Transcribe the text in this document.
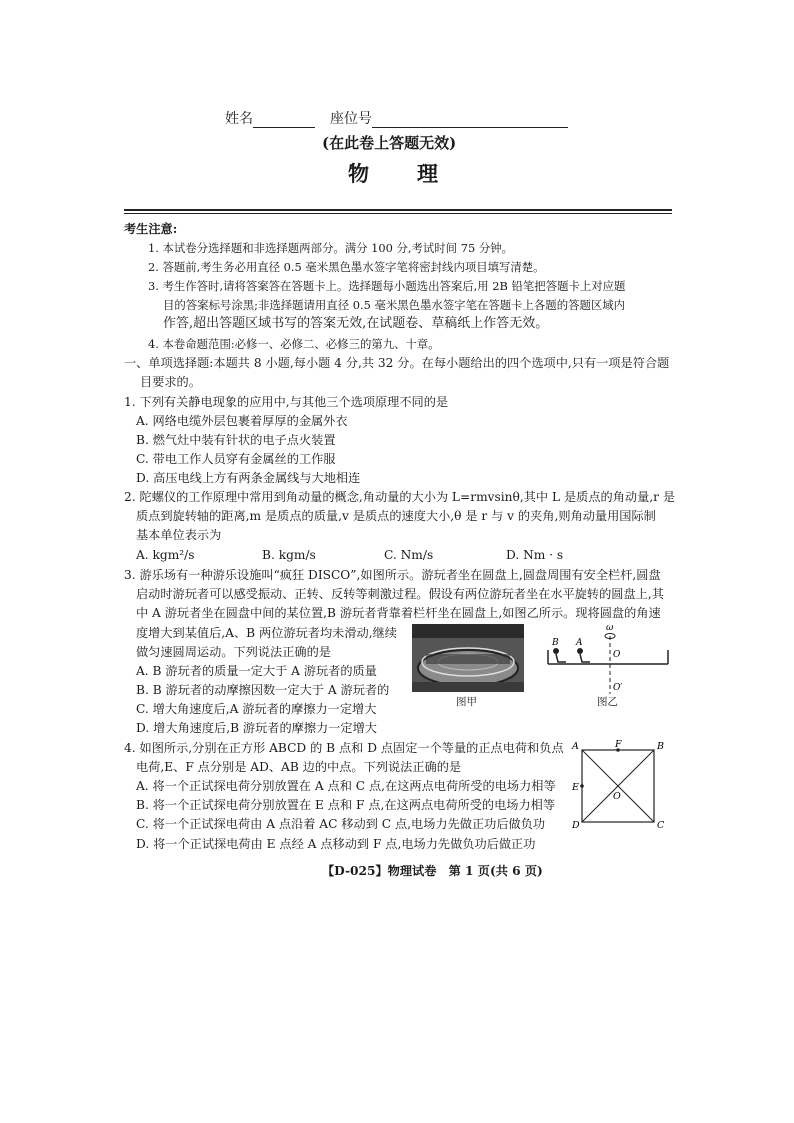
姓名	座位号
(在此卷上答题无效)
物　　理
考生注意:
1. 本试卷分选择题和非选择题两部分。满分 100 分,考试时间 75 分钟。
2. 答题前,考生务必用直径 0.5 毫米黑色墨水签字笔将密封线内项目填写清楚。
3. 考生作答时,请将答案答在答题卡上。选择题每小题选出答案后,用 2B 铅笔把答题卡上对应题
目的答案标号涂黑;非选择题请用直径 0.5 毫米黑色墨水签字笔在答题卡上各题的答题区域内
作答,超出答题区域书写的答案无效,在试题卷、草稿纸上作答无效。
4. 本卷命题范围:必修一、必修二、必修三的第九、十章。
一、单项选择题:本题共 8 小题,每小题 4 分,共 32 分。在每小题给出的四个选项中,只有一项是符合题
目要求的。
1. 下列有关静电现象的应用中,与其他三个选项原理不同的是
A. 网络电缆外层包裹着厚厚的金属外衣
B. 燃气灶中装有针状的电子点火装置
C. 带电工作人员穿有金属丝的工作服
D. 高压电线上方有两条金属线与大地相连
2. 陀螺仪的工作原理中常用到角动量的概念,角动量的大小为 L=rmvsinθ,其中 L 是质点的角动量,r 是
质点到旋转轴的距离,m 是质点的质量,v 是质点的速度大小,θ 是 r 与 v 的夹角,则角动量用国际制
基本单位表示为
A. kgm²/s	B. kgm/s	C. Nm/s	D. Nm · s
3. 游乐场有一种游乐设施叫“疯狂 DISCO”,如图所示。游玩者坐在圆盘上,圆盘周围有安全栏杆,圆盘
启动时游玩者可以感受振动、正转、反转等刺激过程。假设有两位游玩者坐在水平旋转的圆盘上,其
中 A 游玩者坐在圆盘中间的某位置,B 游玩者背靠着栏杆坐在圆盘上,如图乙所示。现将圆盘的角速
度增大到某值后,A、B 两位游玩者均未滑动,继续
做匀速圆周运动。下列说法正确的是
A. B 游玩者的质量一定大于 A 游玩者的质量
B. B 游玩者的动摩擦因数一定大于 A 游玩者的
C. 增大角速度后,A 游玩者的摩擦力一定增大
D. 增大角速度后,B 游玩者的摩擦力一定增大
图甲
B A
ω
O
O′
图乙
4. 如图所示,分别在正方形 ABCD 的 B 点和 D 点固定一个等量的正点电荷和负点
电荷,E、F 点分别是 AD、AB 边的中点。下列说法正确的是
A. 将一个正试探电荷分别放置在 A 点和 C 点,在这两点电荷所受的电场力相等
B. 将一个正试探电荷分别放置在 E 点和 F 点,在这两点电荷所受的电场力相等
C. 将一个正试探电荷由 A 点沿着 AC 移动到 C 点,电场力先做正功后做负功
D. 将一个正试探电荷由 E 点经 A 点移动到 F 点,电场力先做负功后做正功
A	F	B
E
O
D	C
【D-025】物理试卷　第 1 页(共 6 页)
